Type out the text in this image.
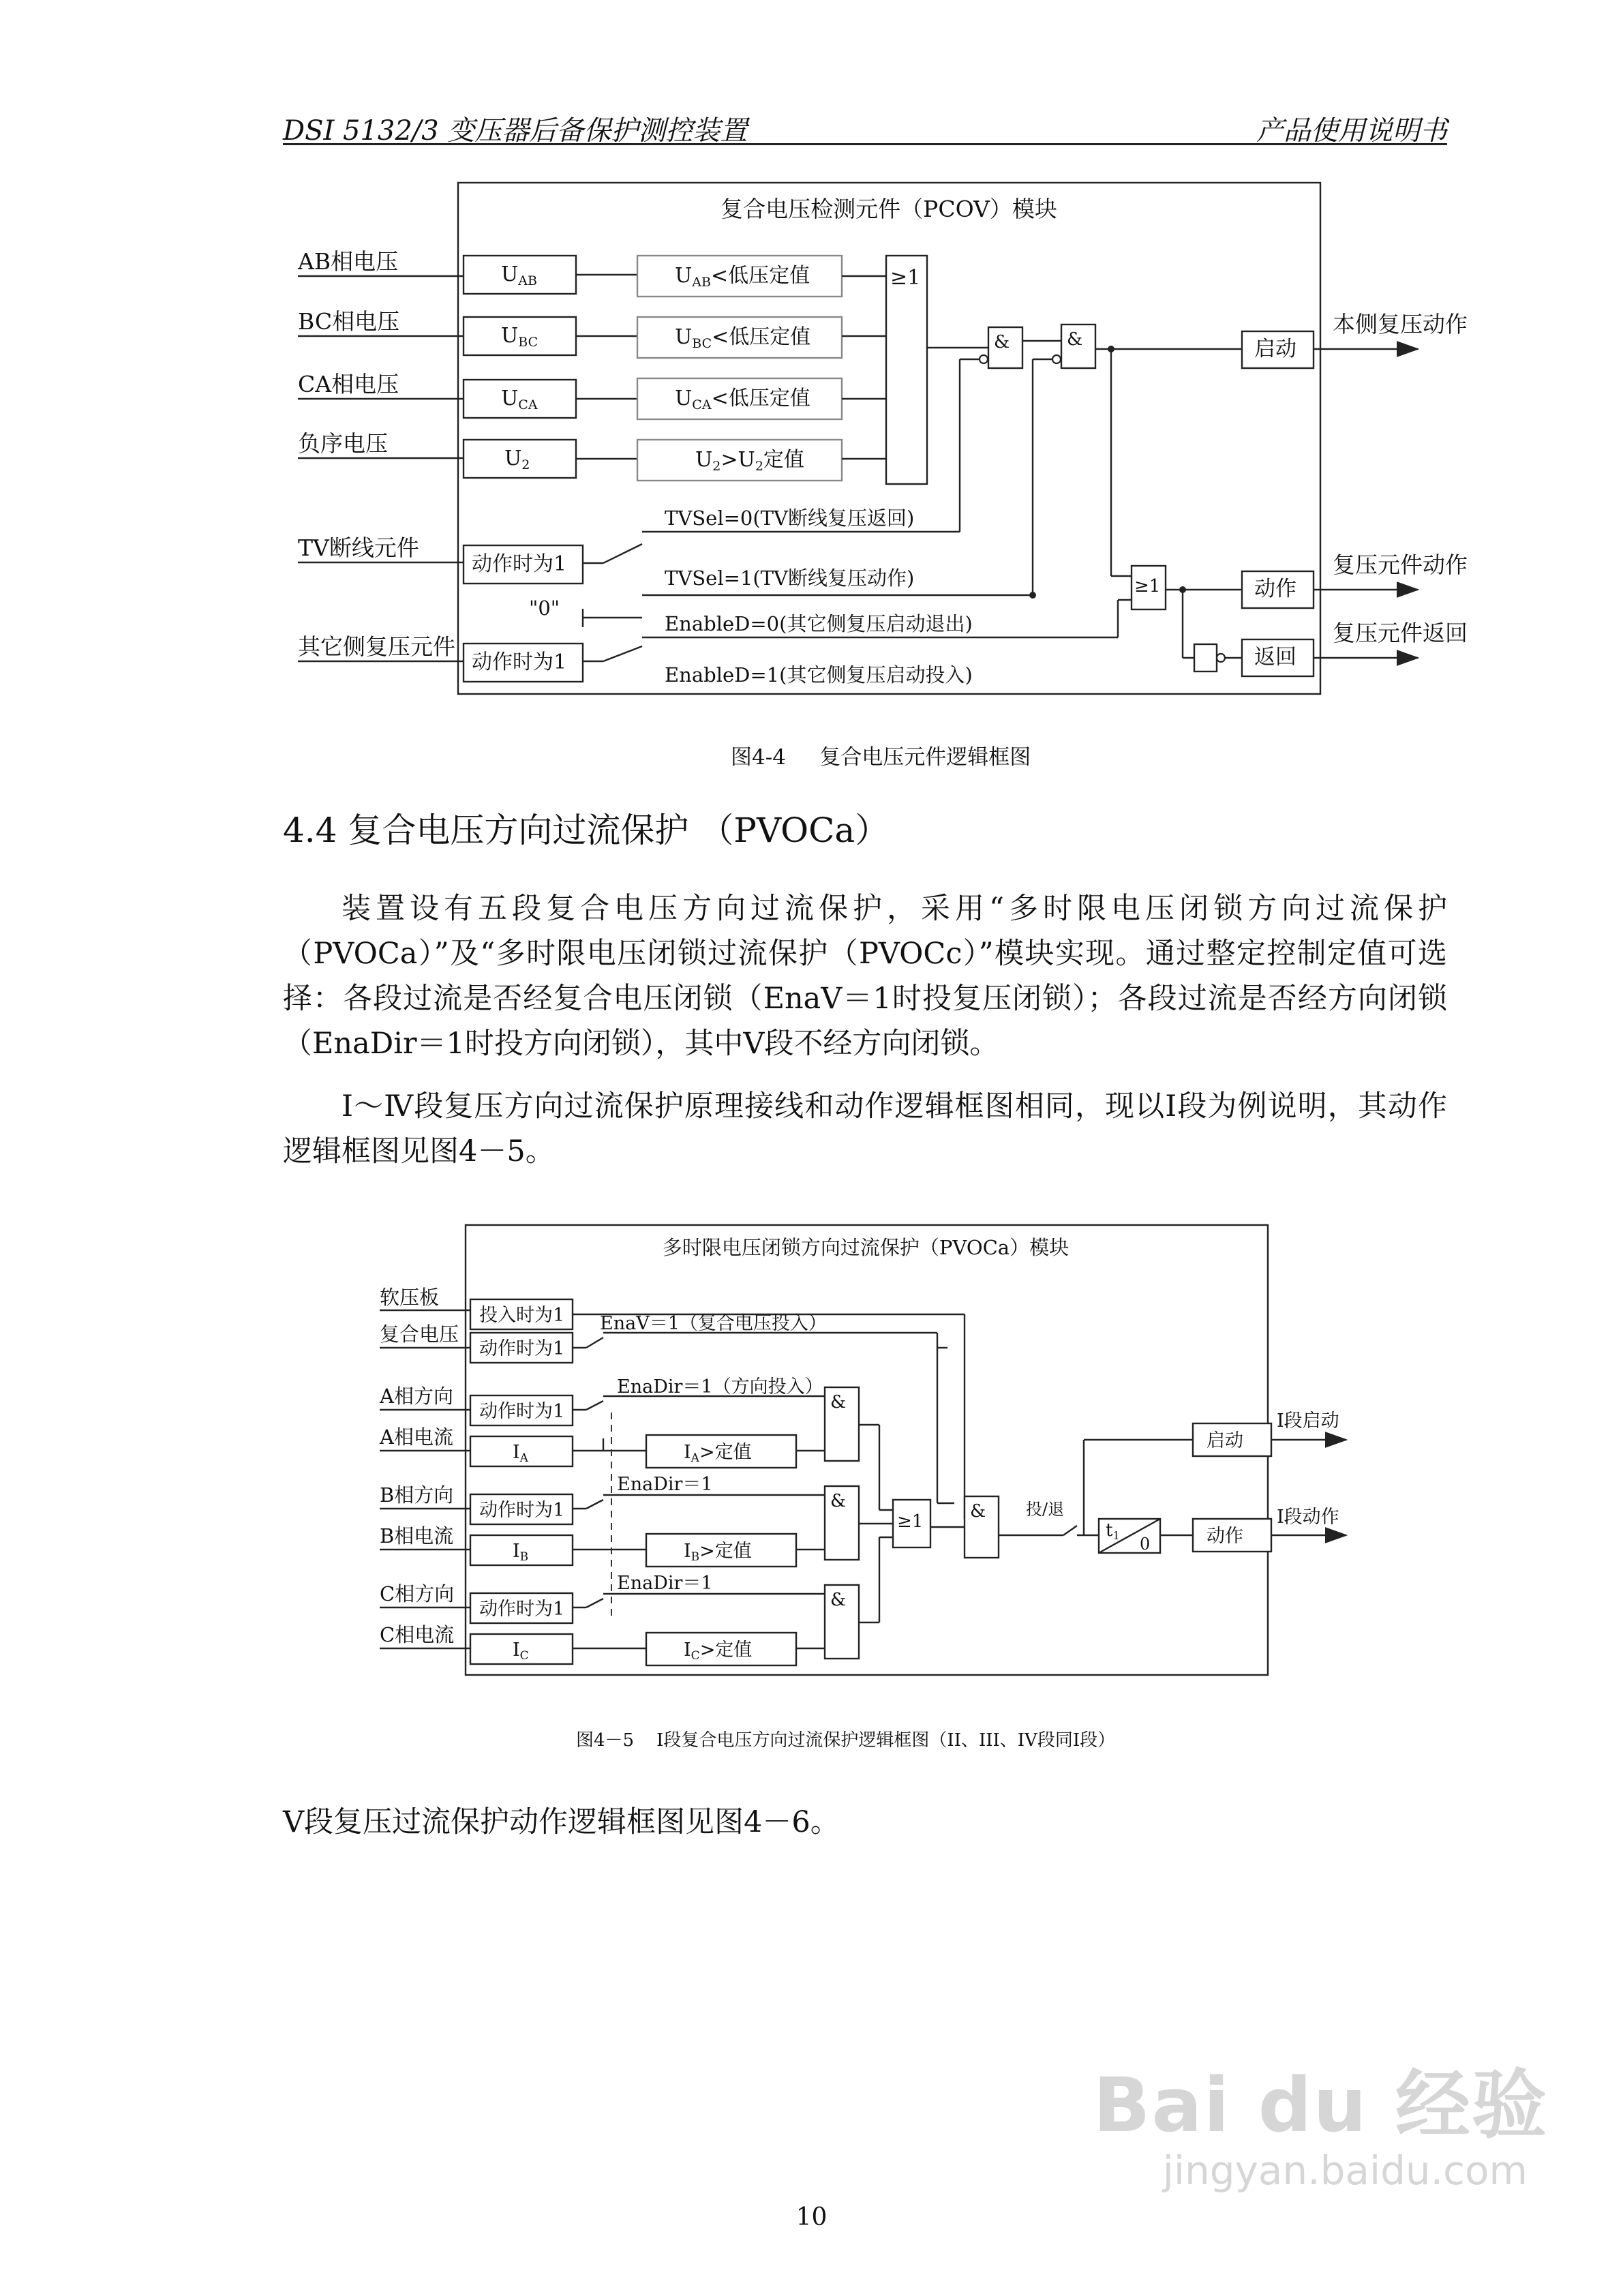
DSI 5132/3 变压器后备保护测控装置	产品使用说明书
复合电压检测元件（PCOV）模块
AB相电压
BC相电压
CA相电压
负序电压
TV断线元件
其它侧复压元件
$U_{AB}$
$U_{BC}$
$U_{CA}$
$U_2$
$U_{AB}<$低压定值
$U_{BC}<$低压定值
$U_{CA}<$低压定值
$U_2>U_2$定值
≥1
&	&	启动
本侧复压动作
动作时为1
TVSel=0(TV断线复压返回)
TVSel=1(TV断线复压动作)
"0"
EnableD=0(其它侧复压启动退出)
动作时为1
EnableD=1(其它侧复压启动投入)
≥1	动作
复压元件动作
返回
复压元件返回
图4-4 复合电压元件逻辑框图
4.4 复合电压方向过流保护 （PVOCa）
装置设有五段复合电压方向过流保护，采用“多时限电压闭锁方向过流保护（PVOCa）”及“多时限电压闭锁过流保护（PVOCc）”模块实现。通过整定控制定值可选择：各段过流是否经复合电压闭锁（EnaV＝1时投复压闭锁）；各段过流是否经方向闭锁（EnaDir＝1时投方向闭锁），其中Ⅴ段不经方向闭锁。
Ⅰ～Ⅳ段复压方向过流保护原理接线和动作逻辑框图相同，现以Ⅰ段为例说明，其动作逻辑框图见图4－5。
多时限电压闭锁方向过流保护（PVOCa）模块
软压板
复合电压
A相方向
A相电流
B相方向
B相电流
C相方向
C相电流
投入时为1
动作时为1
动作时为1
IA
动作时为1
IB
动作时为1
IC
EnaV＝1（复合电压投入）
EnaDir＝1（方向投入）
IA>定值
&
EnaDir＝1
IB>定值
&
EnaDir＝1
IC>定值
&
≥1	& 投/退
启动
I段启动
t1 0	动作
I段动作
图4－5 I段复合电压方向过流保护逻辑框图（II、III、IV段同I段）
Ⅴ段复压过流保护动作逻辑框图见图4－6。
10
Bai du 经验
jingyan.baidu.com
